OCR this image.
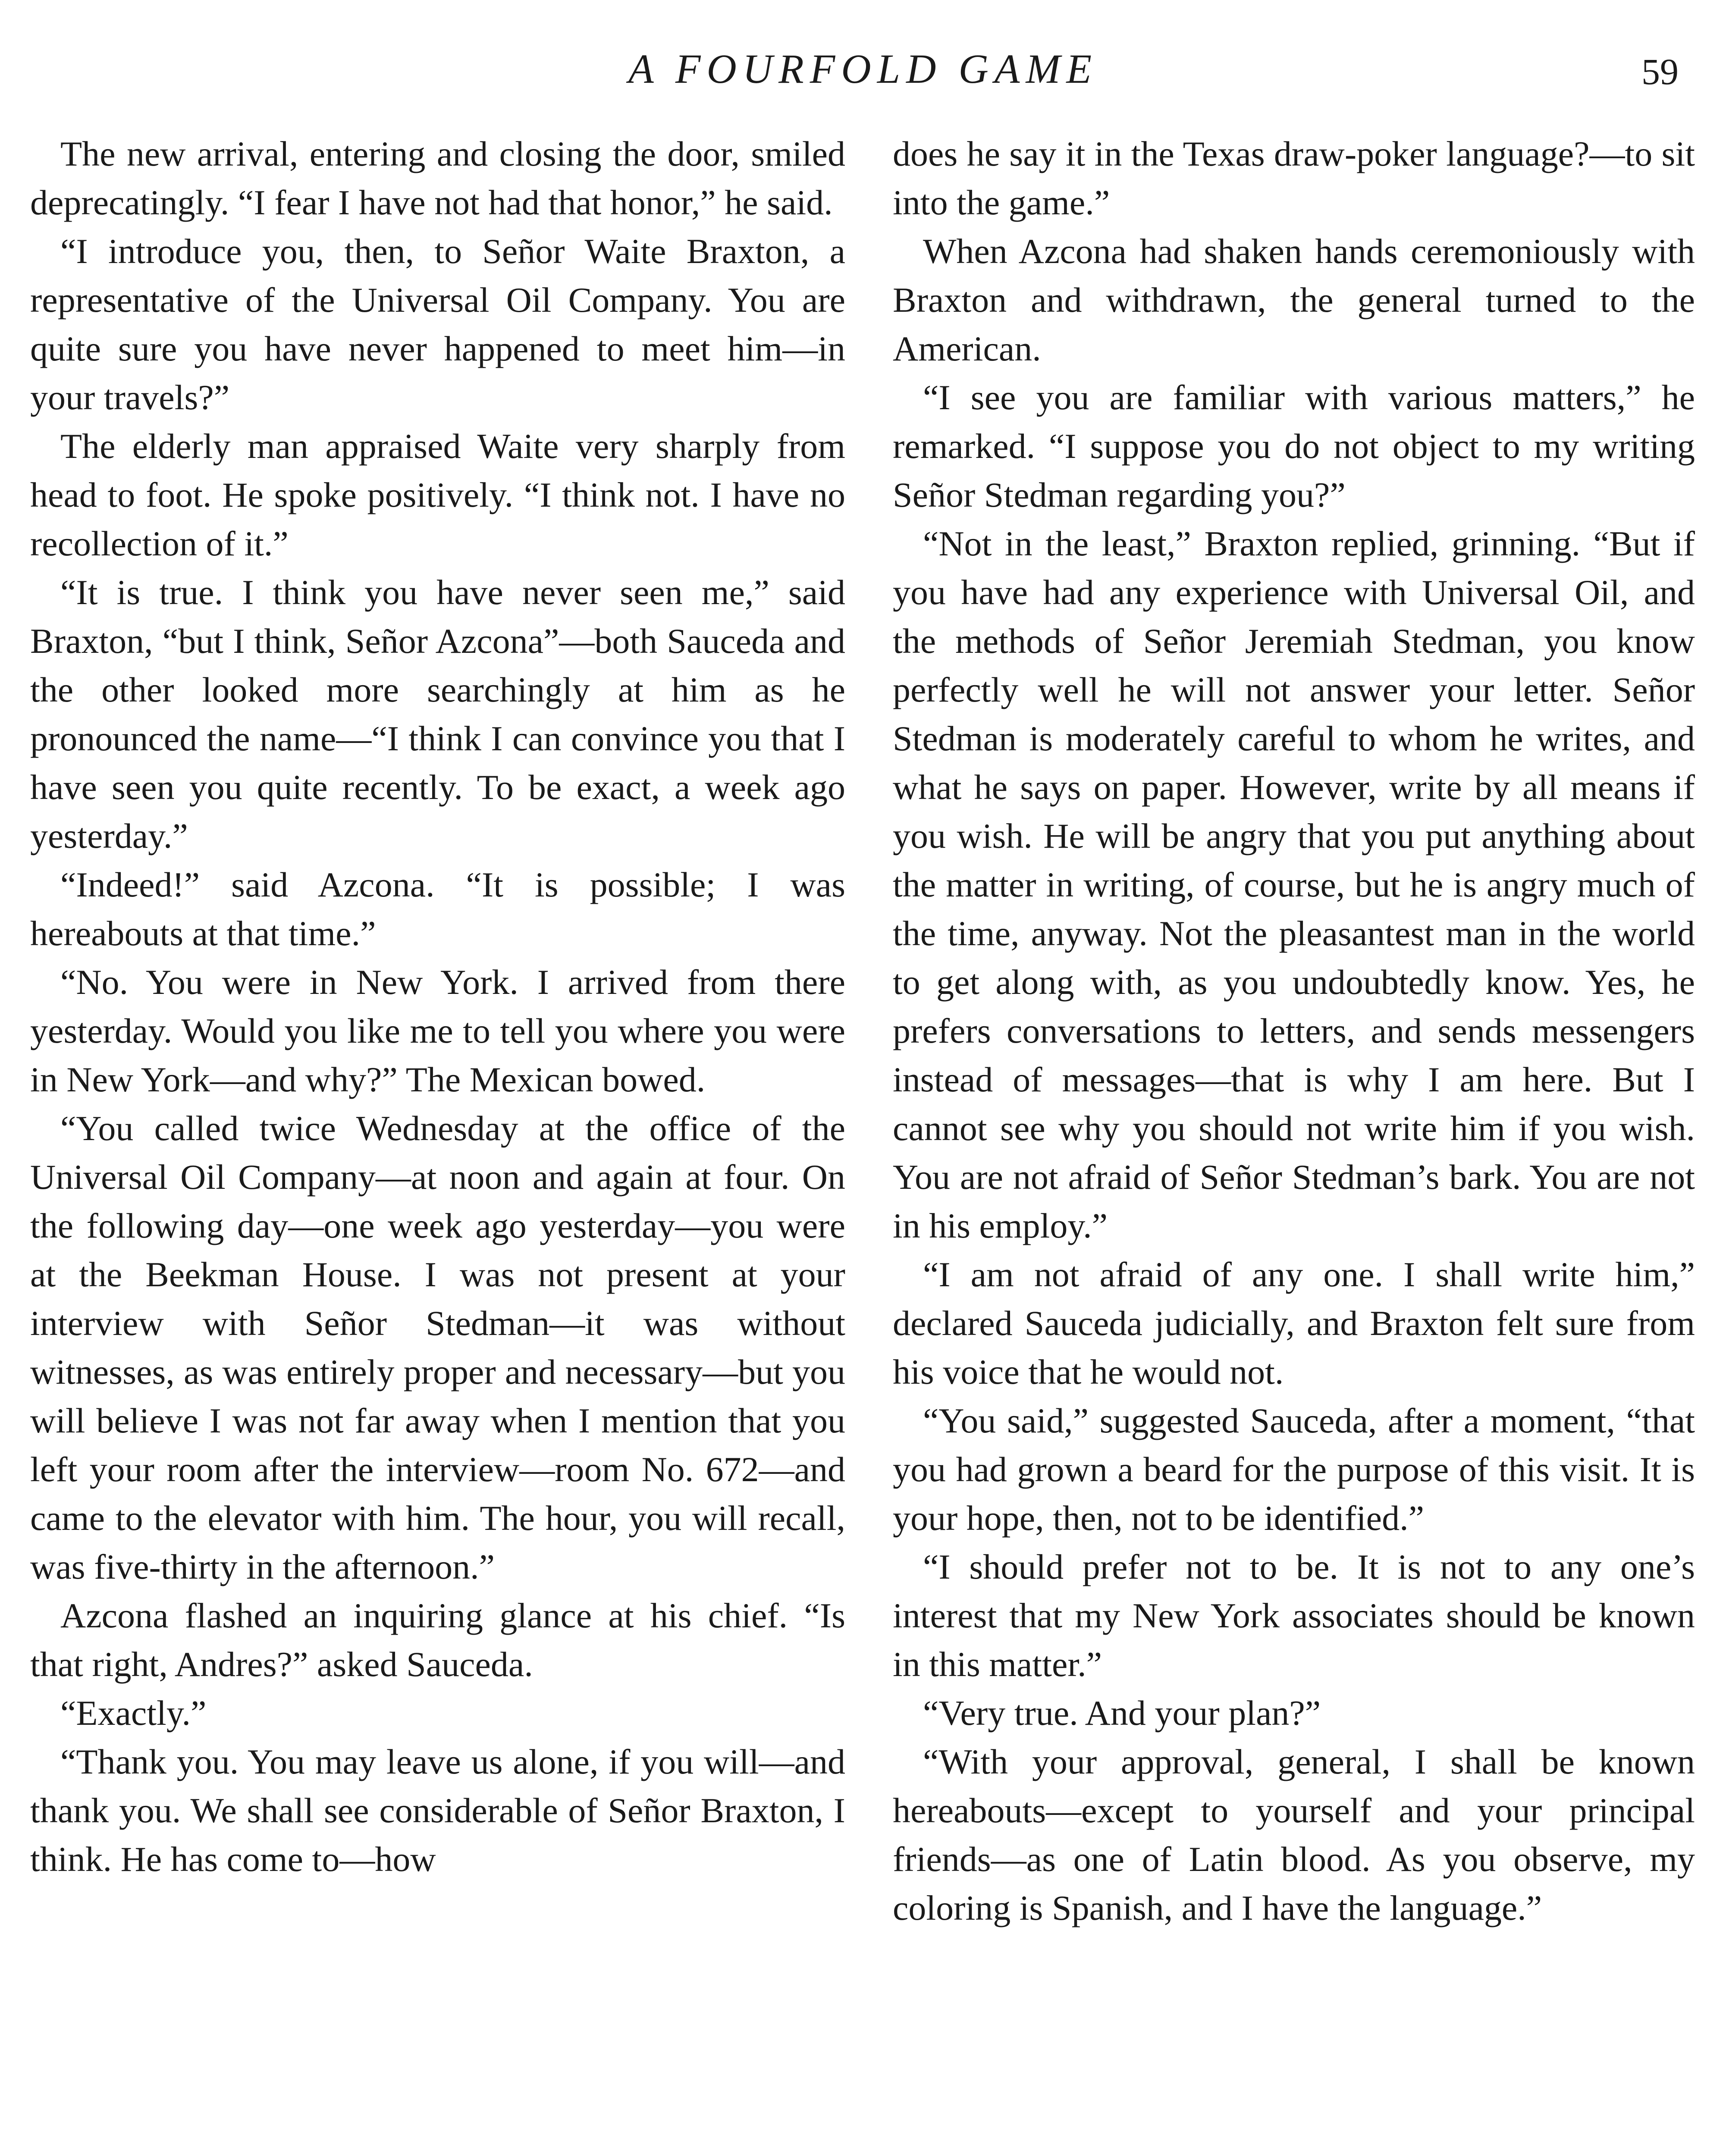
A FOURFOLD GAME	59

The new arrival, entering and closing the door, smiled deprecatingly. “I fear I have not had that honor,” he said.

“I introduce you, then, to Señor Waite Braxton, a representative of the Universal Oil Company. You are quite sure you have never happened to meet him—in your travels?”

The elderly man appraised Waite very sharply from head to foot. He spoke positively. “I think not. I have no recollection of it.”

“It is true. I think you have never seen me,” said Braxton, “but I think, Señor Azcona”—both Sauceda and the other looked more searchingly at him as he pronounced the name—“I think I can convince you that I have seen you quite recently. To be exact, a week ago yesterday.”

“Indeed!” said Azcona. “It is possible; I was hereabouts at that time.”

“No. You were in New York. I arrived from there yesterday. Would you like me to tell you where you were in New York—and why?” The Mexican bowed.

“You called twice Wednesday at the office of the Universal Oil Company—at noon and again at four. On the following day—one week ago yesterday—you were at the Beekman House. I was not present at your interview with Señor Stedman—it was without witnesses, as was entirely proper and necessary—but you will believe I was not far away when I mention that you left your room after the interview—room No. 672—and came to the elevator with him. The hour, you will recall, was five-thirty in the afternoon.”

Azcona flashed an inquiring glance at his chief. “Is that right, Andres?” asked Sauceda.

“Exactly.”

“Thank you. You may leave us alone, if you will—and thank you. We shall see considerable of Señor Braxton, I think. He has come to—how

does he say it in the Texas draw-poker language?—to sit into the game.”

When Azcona had shaken hands ceremoniously with Braxton and withdrawn, the general turned to the American.

“I see you are familiar with various matters,” he remarked. “I suppose you do not object to my writing Señor Stedman regarding you?”

“Not in the least,” Braxton replied, grinning. “But if you have had any experience with Universal Oil, and the methods of Señor Jeremiah Stedman, you know perfectly well he will not answer your letter. Señor Stedman is moderately careful to whom he writes, and what he says on paper. However, write by all means if you wish. He will be angry that you put anything about the matter in writing, of course, but he is angry much of the time, anyway. Not the pleasantest man in the world to get along with, as you undoubtedly know. Yes, he prefers conversations to letters, and sends messengers instead of messages—that is why I am here. But I cannot see why you should not write him if you wish. You are not afraid of Señor Stedman’s bark. You are not in his employ.”

“I am not afraid of any one. I shall write him,” declared Sauceda judicially, and Braxton felt sure from his voice that he would not.

“You said,” suggested Sauceda, after a moment, “that you had grown a beard for the purpose of this visit. It is your hope, then, not to be identified.”

“I should prefer not to be. It is not to any one’s interest that my New York associates should be known in this matter.”

“Very true. And your plan?”

“With your approval, general, I shall be known hereabouts—except to yourself and your principal friends—as one of Latin blood. As you observe, my coloring is Spanish, and I have the language.”
